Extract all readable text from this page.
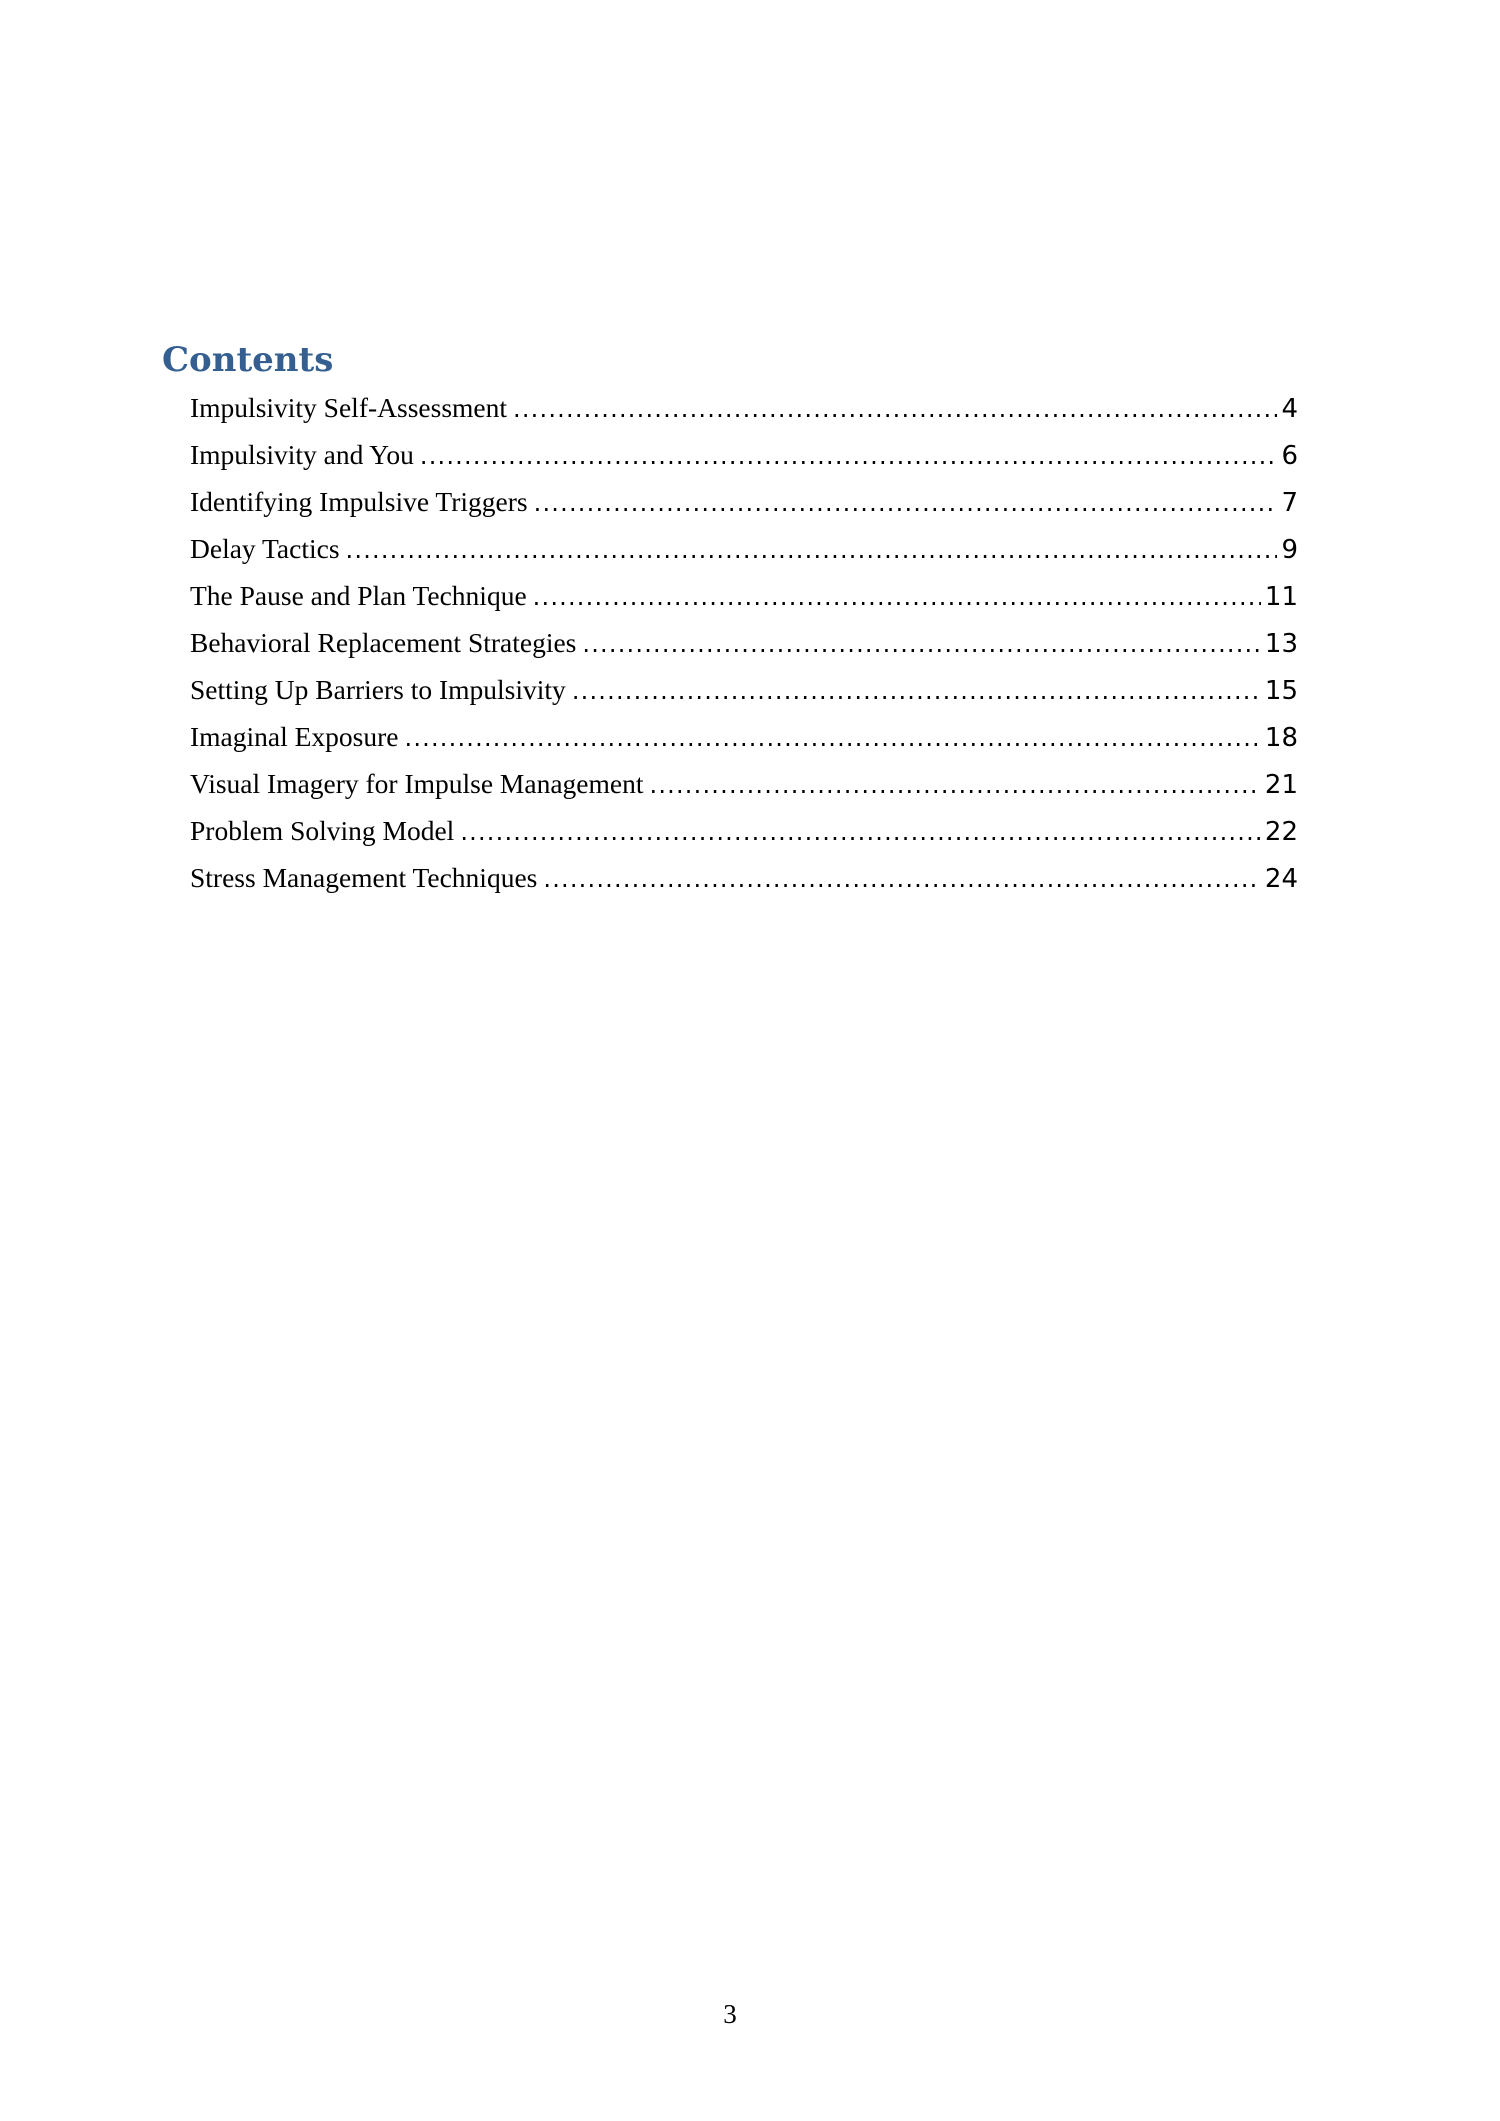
Contents
Impulsivity Self-Assessment .....	4
Impulsivity and You .....	6
Identifying Impulsive Triggers .....	7
Delay Tactics .....	9
The Pause and Plan Technique .....	11
Behavioral Replacement Strategies .....	13
Setting Up Barriers to Impulsivity .....	15
Imaginal Exposure .....	18
Visual Imagery for Impulse Management .....	21
Problem Solving Model .....	22
Stress Management Techniques .....	24
3
